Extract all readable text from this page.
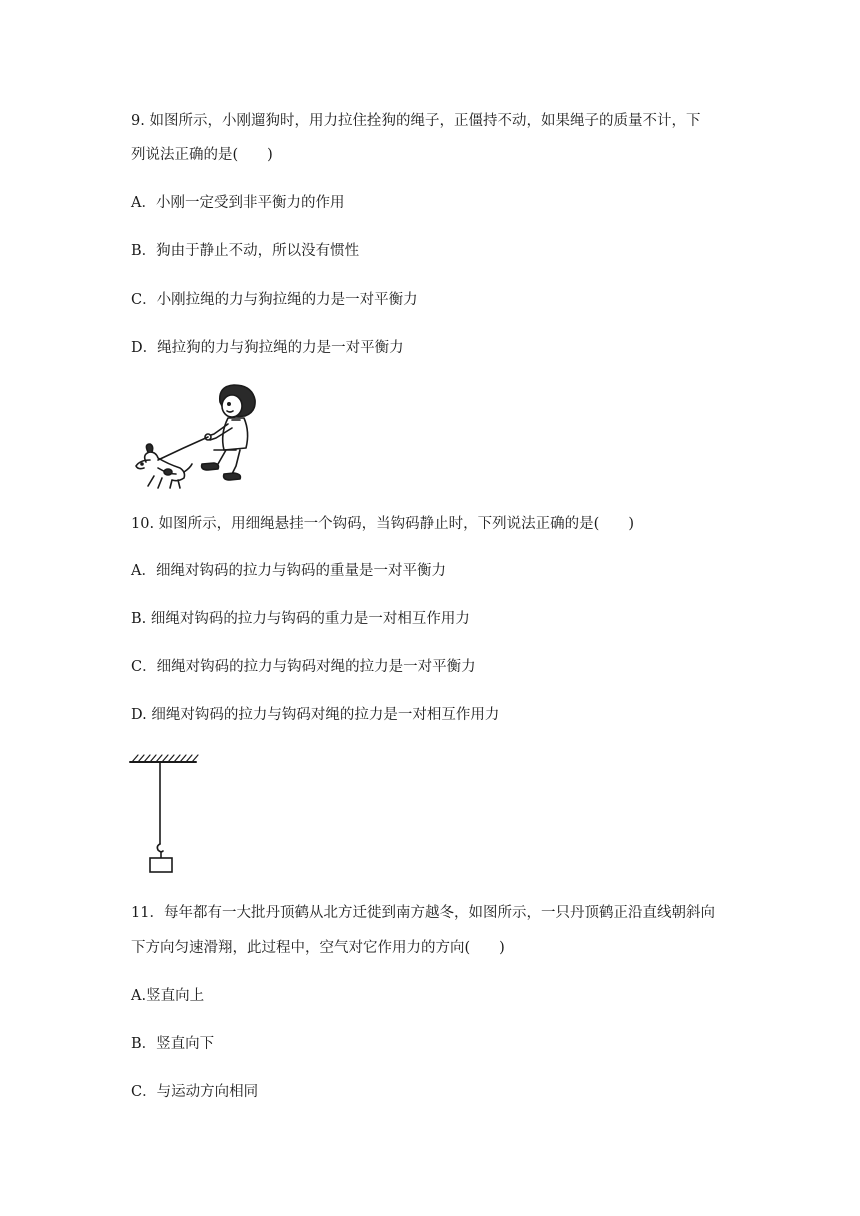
9. 如图所示，小刚遛狗时，用力拉住拴狗的绳子，正僵持不动，如果绳子的质量不计，下
列说法正确的是(　　)
A．小刚一定受到非平衡力的作用
B．狗由于静止不动，所以没有惯性
C．小刚拉绳的力与狗拉绳的力是一对平衡力
D．绳拉狗的力与狗拉绳的力是一对平衡力
10. 如图所示，用细绳悬挂一个钩码，当钩码静止时，下列说法正确的是(　　)
A．细绳对钩码的拉力与钩码的重量是一对平衡力
B. 细绳对钩码的拉力与钩码的重力是一对相互作用力
C．细绳对钩码的拉力与钩码对绳的拉力是一对平衡力
D. 细绳对钩码的拉力与钩码对绳的拉力是一对相互作用力
11．每年都有一大批丹顶鹤从北方迁徙到南方越冬，如图所示，一只丹顶鹤正沿直线朝斜向
下方向匀速滑翔，此过程中，空气对它作用力的方向(　　)
A.竖直向上
B．竖直向下
C．与运动方向相同
